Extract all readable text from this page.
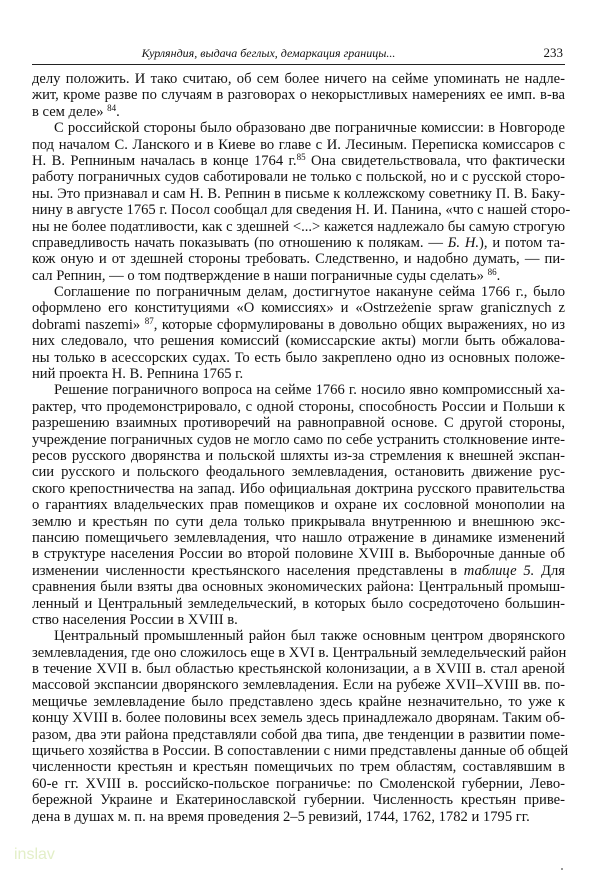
Курляндия, выдача беглых, демаркация границы...	233
делу положить. И тако считаю, об сем более ничего на сейме упоминать не надле-
жит, кроме разве по случаям в разговорах о некорыстливых намерениях ее имп. в-ва
в сем деле» $^{84}$.
С российской стороны было образовано две пограничные комиссии: в Новгороде
под началом С. Ланского и в Киеве во главе с И. Лесиным. Переписка комиссаров с
Н. В. Репниным началась в конце 1764 г.$^{85}$ Она свидетельствовала, что фактически
работу пограничных судов саботировали не только с польской, но и с русской сторо-
ны. Это признавал и сам Н. В. Репнин в письме к коллежскому советнику П. В. Баку-
нину в августе 1765 г. Посол сообщал для сведения Н. И. Панина, «что с нашей сторо-
ны не более податливости, как с здешней <...> кажется надлежало бы самую строгую
справедливость начать показывать (по отношению к полякам. — Б. Н.), и потом та-
кож оную и от здешней стороны требовать. Следственно, и надобно думать, — пи-
сал Репнин, — о том подтверждение в наши пограничные суды сделать» $^{86}$.
Соглашение по пограничным делам, достигнутое накануне сейма 1766 г., было
оформлено его конституциями «О комиссиях» и «Ostrzeżenie spraw granicznych z
dobrami naszemi» $^{87}$, которые сформулированы в довольно общих выражениях, но из
них следовало, что решения комиссий (комиссарские акты) могли быть обжалова-
ны только в асессорских судах. То есть было закреплено одно из основных положе-
ний проекта Н. В. Репнина 1765 г.
Решение пограничного вопроса на сейме 1766 г. носило явно компромиссный ха-
рактер, что продемонстрировало, с одной стороны, способность России и Польши к
разрешению взаимных противоречий на равноправной основе. С другой стороны,
учреждение пограничных судов не могло само по себе устранить столкновение инте-
ресов русского дворянства и польской шляхты из-за стремления к внешней экспан-
сии русского и польского феодального землевладения, остановить движение рус-
ского крепостничества на запад. Ибо официальная доктрина русского правительства
о гарантиях владельческих прав помещиков и охране их сословной монополии на
землю и крестьян по сути дела только прикрывала внутреннюю и внешнюю экс-
пансию помещичьего землевладения, что нашло отражение в динамике изменений
в структуре населения России во второй половине XVIII в. Выборочные данные об
изменении численности крестьянского населения представлены в таблице 5. Для
сравнения были взяты два основных экономических района: Центральный промыш-
ленный и Центральный земледельческий, в которых было сосредоточено большин-
ство населения России в XVIII в.
Центральный промышленный район был также основным центром дворянского
землевладения, где оно сложилось еще в XVI в. Центральный земледельческий район
в течение XVII в. был областью крестьянской колонизации, а в XVIII в. стал ареной
массовой экспансии дворянского землевладения. Если на рубеже XVII–XVIII вв. по-
мещичье землевладение было представлено здесь крайне незначительно, то уже к
концу XVIII в. более половины всех земель здесь принадлежало дворянам. Таким об-
разом, два эти района представляли собой два типа, две тенденции в развитии поме-
щичьего хозяйства в России. В сопоставлении с ними представлены данные об общей
численности крестьян и крестьян помещичьих по трем областям, составлявшим в
60-е гг. XVIII в. российско-польское пограничье: по Смоленской губернии, Лево-
бережной Украине и Екатеринославской губернии. Численность крестьян приве-
дена в душах м. п. на время проведения 2–5 ревизий, 1744, 1762, 1782 и 1795 гг.
inslav
